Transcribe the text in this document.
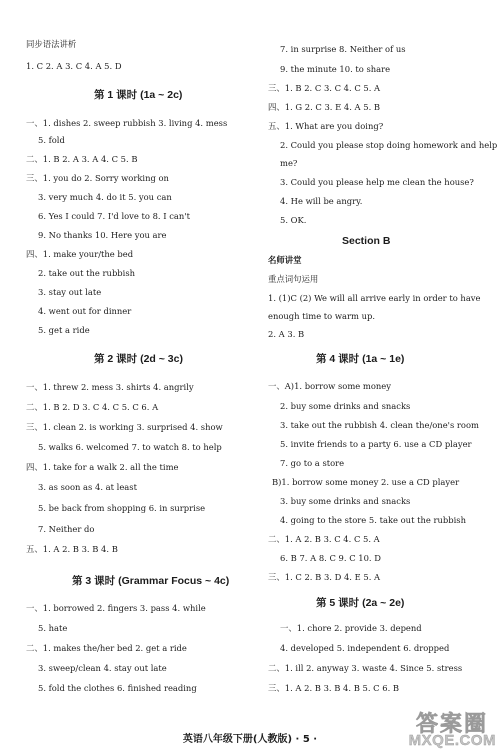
同步语法讲析
1. C 2. A 3. C 4. A 5. D
第 1 课时 (1a ~ 2c)
一、1. dishes 2. sweep rubbish 3. living 4. mess
5. fold
二、1. B 2. A 3. A 4. C 5. B
三、1. you do 2. Sorry working on
3. very much 4. do it 5. you can
6. Yes I could 7. I'd love to 8. I can't
9. No thanks 10. Here you are
四、1. make your/the bed
2. take out the rubbish
3. stay out late
4. went out for dinner
5. get a ride
第 2 课时 (2d ~ 3c)
一、1. threw 2. mess 3. shirts 4. angrily
二、1. B 2. D 3. C 4. C 5. C 6. A
三、1. clean 2. is working 3. surprised 4. show
5. walks 6. welcomed 7. to watch 8. to help
四、1. take for a walk 2. all the time
3. as soon as 4. at least
5. be back from shopping 6. in surprise
7. Neither do
五、1. A 2. B 3. B 4. B
第 3 课时 (Grammar Focus ~ 4c)
一、1. borrowed 2. fingers 3. pass 4. while
5. hate
二、1. makes the/her bed 2. get a ride
3. sweep/clean 4. stay out late
5. fold the clothes 6. finished reading
7. in surprise 8. Neither of us
9. the minute 10. to share
三、1. B 2. C 3. C 4. C 5. A
四、1. G 2. C 3. E 4. A 5. B
五、1. What are you doing?
2. Could you please stop doing homework and help
me?
3. Could you please help me clean the house?
4. He will be angry.
5. OK.
Section B
名师讲堂
重点词句运用
1. (1)C (2) We will all arrive early in order to have
enough time to warm up.
2. A 3. B
第 4 课时 (1a ~ 1e)
一、A)1. borrow some money
2. buy some drinks and snacks
3. take out the rubbish 4. clean the/one's room
5. invite friends to a party 6. use a CD player
7. go to a store
B)1. borrow some money 2. use a CD player
3. buy some drinks and snacks
4. going to the store 5. take out the rubbish
二、1. A 2. B 3. C 4. C 5. A
6. B 7. A 8. C 9. C 10. D
三、1. C 2. B 3. D 4. E 5. A
第 5 课时 (2a ~ 2e)
一、1. chore 2. provide 3. depend
4. developed 5. independent 6. dropped
二、1. ill 2. anyway 3. waste 4. Since 5. stress
三、1. A 2. B 3. B 4. B 5. C 6. B
英语八年级下册(人教版) · 5 ·
答案圈
MXQE.COM
